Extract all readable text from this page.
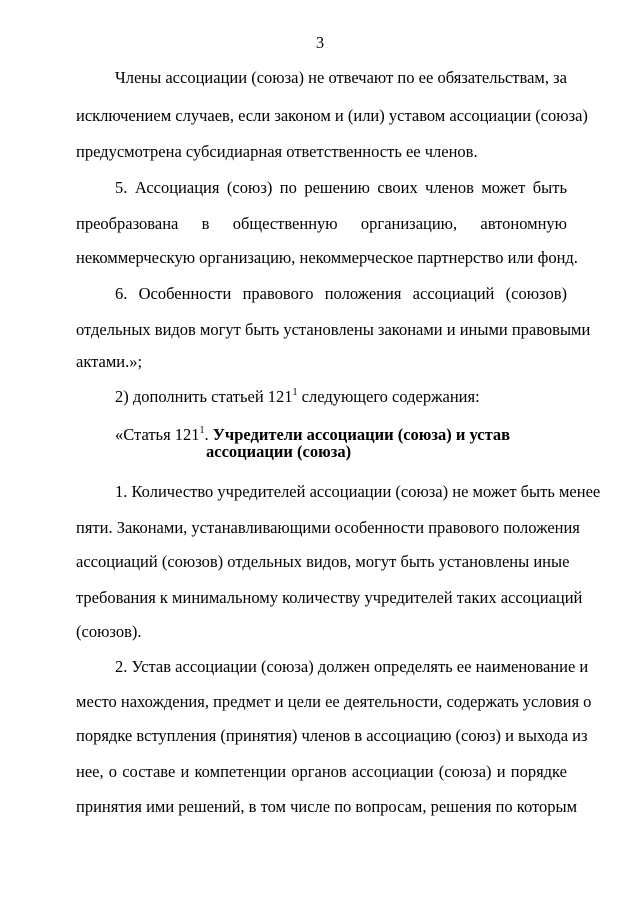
3
Члены ассоциации (союза) не отвечают по ее обязательствам, за
исключением случаев, если законом и (или) уставом ассоциации (союза)
предусмотрена субсидиарная ответственность ее членов.
5. Ассоциация (союз) по решению своих членов может быть
преобразована в общественную организацию, автономную
некоммерческую организацию, некоммерческое партнерство или фонд.
6. Особенности правового положения ассоциаций (союзов)
отдельных видов могут быть установлены законами и иными правовыми
актами.»;
2) дополнить статьей $121^1$ следующего содержания:
«Статья $121^1$. Учредители ассоциации (союза) и устав
ассоциации (союза)
1. Количество учредителей ассоциации (союза) не может быть менее
пяти. Законами, устанавливающими особенности правового положения
ассоциаций (союзов) отдельных видов, могут быть установлены иные
требования к минимальному количеству учредителей таких ассоциаций
(союзов).
2. Устав ассоциации (союза) должен определять ее наименование и
место нахождения, предмет и цели ее деятельности, содержать условия о
порядке вступления (принятия) членов в ассоциацию (союз) и выхода из
нее, о составе и компетенции органов ассоциации (союза) и порядке
принятия ими решений, в том числе по вопросам, решения по которым
